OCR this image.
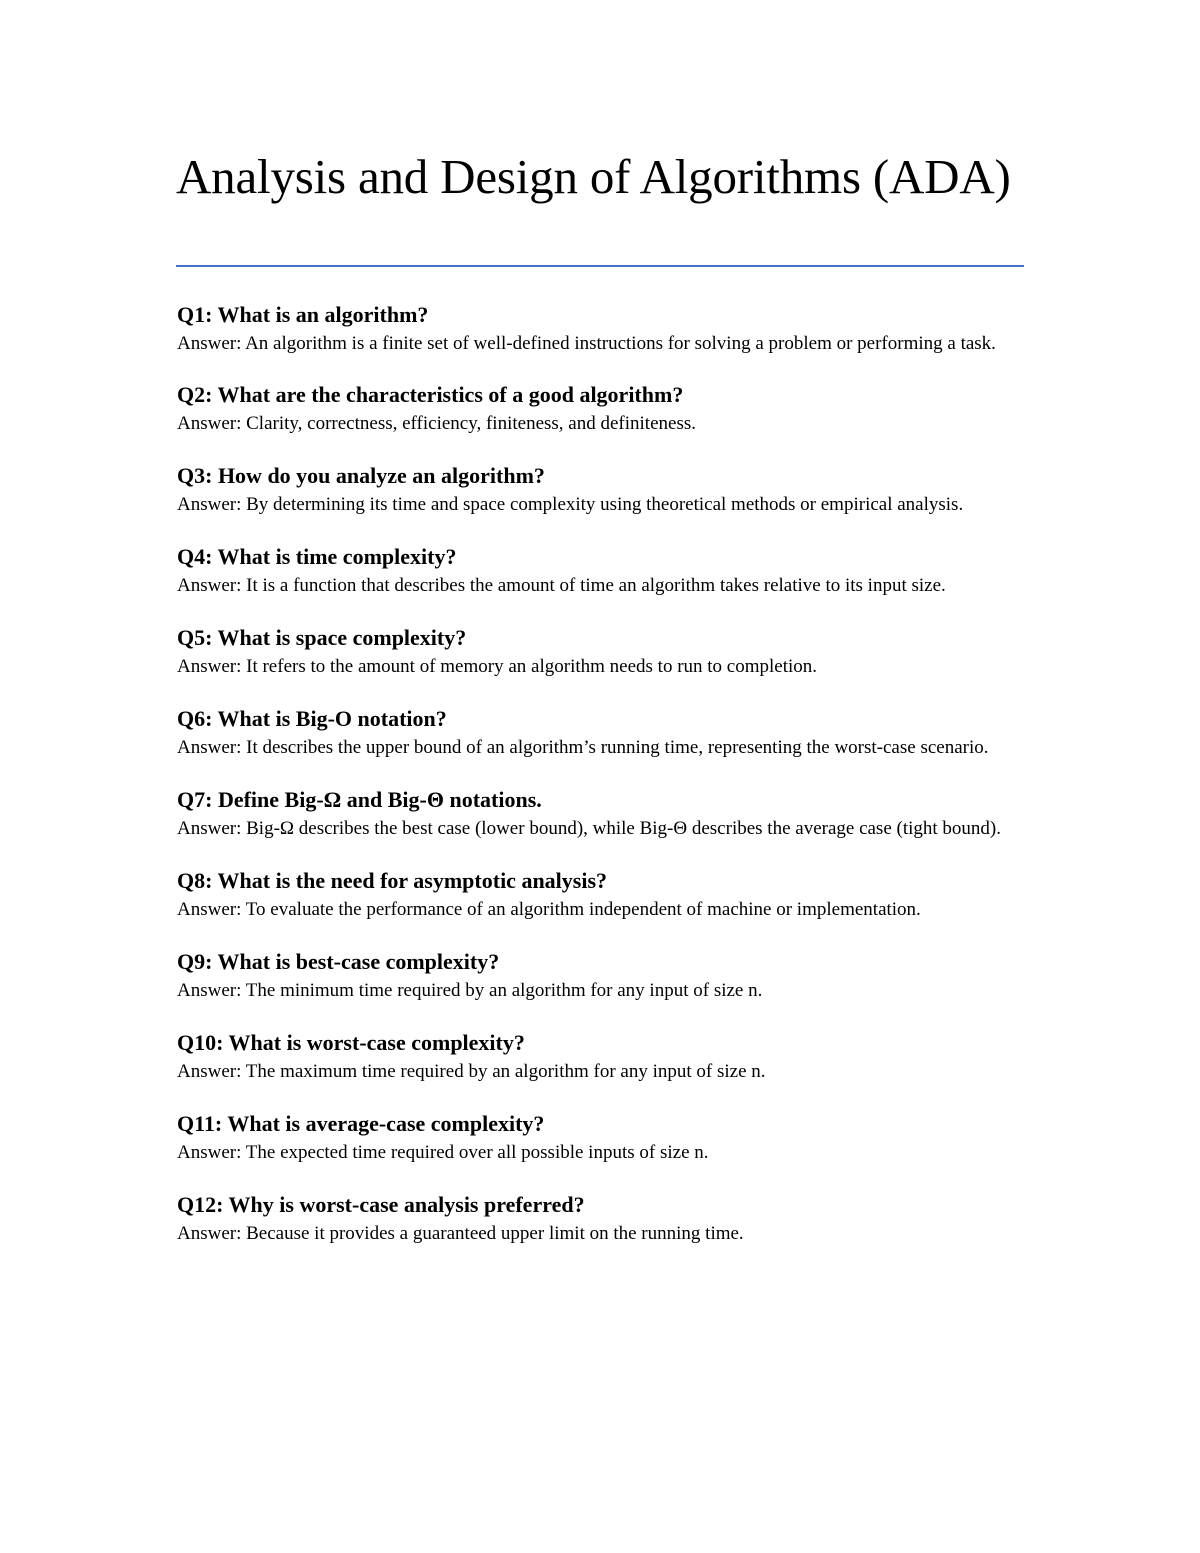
Analysis and Design of Algorithms (ADA)

Q1: What is an algorithm?

Answer: An algorithm is a finite set of well-defined instructions for solving a problem or performing a task.

Q2: What are the characteristics of a good algorithm?

Answer: Clarity, correctness, efficiency, finiteness, and definiteness.

Q3: How do you analyze an algorithm?

Answer: By determining its time and space complexity using theoretical methods or empirical analysis.

Q4: What is time complexity?

Answer: It is a function that describes the amount of time an algorithm takes relative to its input size.

Q5: What is space complexity?

Answer: It refers to the amount of memory an algorithm needs to run to completion.

Q6: What is Big-O notation?

Answer: It describes the upper bound of an algorithm’s running time, representing the worst-case scenario.

Q7: Define Big-Ω and Big-Θ notations.

Answer: Big-Ω describes the best case (lower bound), while Big-Θ describes the average case (tight bound).

Q8: What is the need for asymptotic analysis?

Answer: To evaluate the performance of an algorithm independent of machine or implementation.

Q9: What is best-case complexity?

Answer: The minimum time required by an algorithm for any input of size n.

Q10: What is worst-case complexity?

Answer: The maximum time required by an algorithm for any input of size n.

Q11: What is average-case complexity?

Answer: The expected time required over all possible inputs of size n.

Q12: Why is worst-case analysis preferred?

Answer: Because it provides a guaranteed upper limit on the running time.
